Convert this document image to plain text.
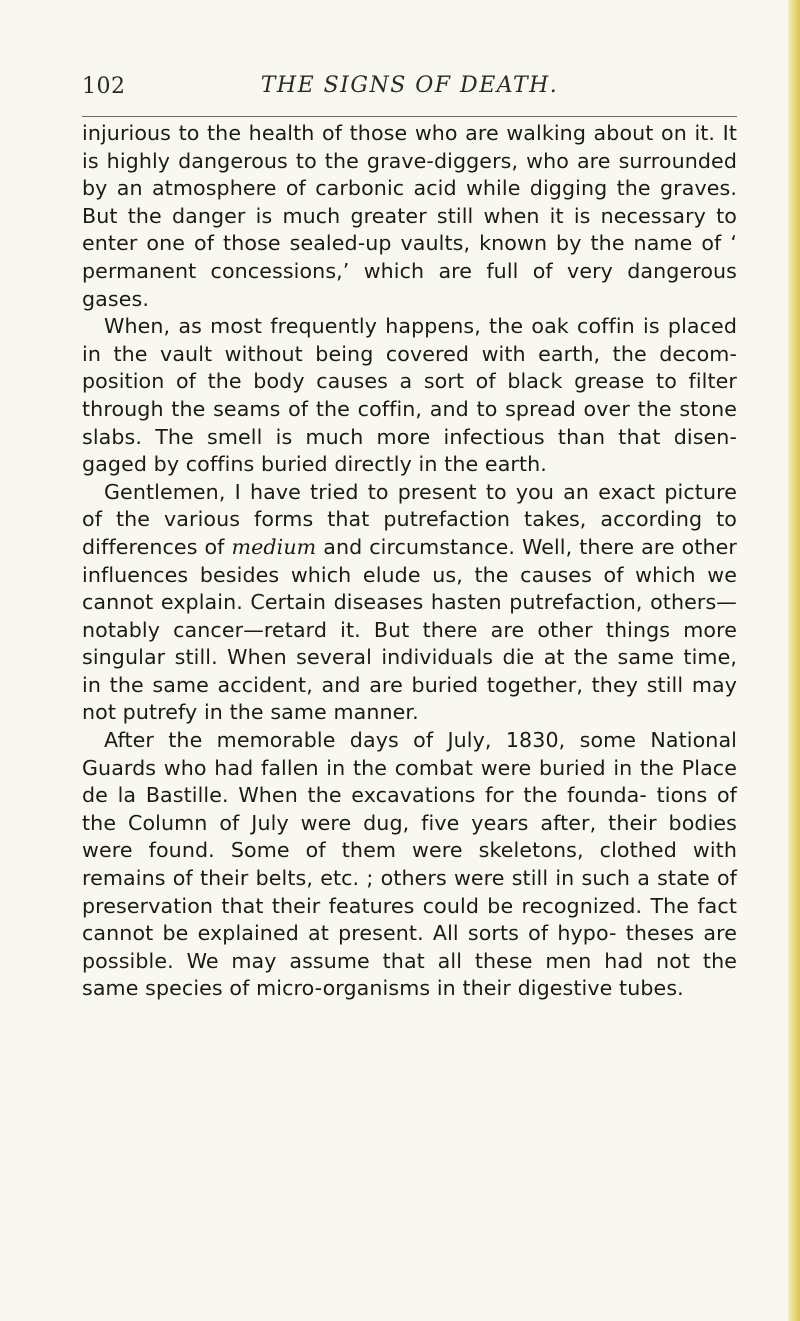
102	THE SIGNS OF DEATH.

injurious to the health of those who are walking about on it. It is highly dangerous to the grave-diggers, who are surrounded by an atmosphere of carbonic acid while digging the graves. But the danger is much greater still when it is necessary to enter one of those sealed-up vaults, known by the name of ‘ permanent concessions,’ which are full of very dangerous gases.

When, as most frequently happens, the oak coffin is placed in the vault without being covered with earth, the decom- position of the body causes a sort of black grease to filter through the seams of the coffin, and to spread over the stone slabs. The smell is much more infectious than that disen- gaged by coffins buried directly in the earth.

Gentlemen, I have tried to present to you an exact picture of the various forms that putrefaction takes, according to differences of medium and circumstance. Well, there are other influences besides which elude us, the causes of which we cannot explain. Certain diseases hasten putrefaction, others—notably cancer—retard it. But there are other things more singular still. When several individuals die at the same time, in the same accident, and are buried together, they still may not putrefy in the same manner.

After the memorable days of July, 1830, some National Guards who had fallen in the combat were buried in the Place de la Bastille. When the excavations for the founda- tions of the Column of July were dug, five years after, their bodies were found. Some of them were skeletons, clothed with remains of their belts, etc. ; others were still in such a state of preservation that their features could be recognized. The fact cannot be explained at present. All sorts of hypo- theses are possible. We may assume that all these men had not the same species of micro-organisms in their digestive tubes.
